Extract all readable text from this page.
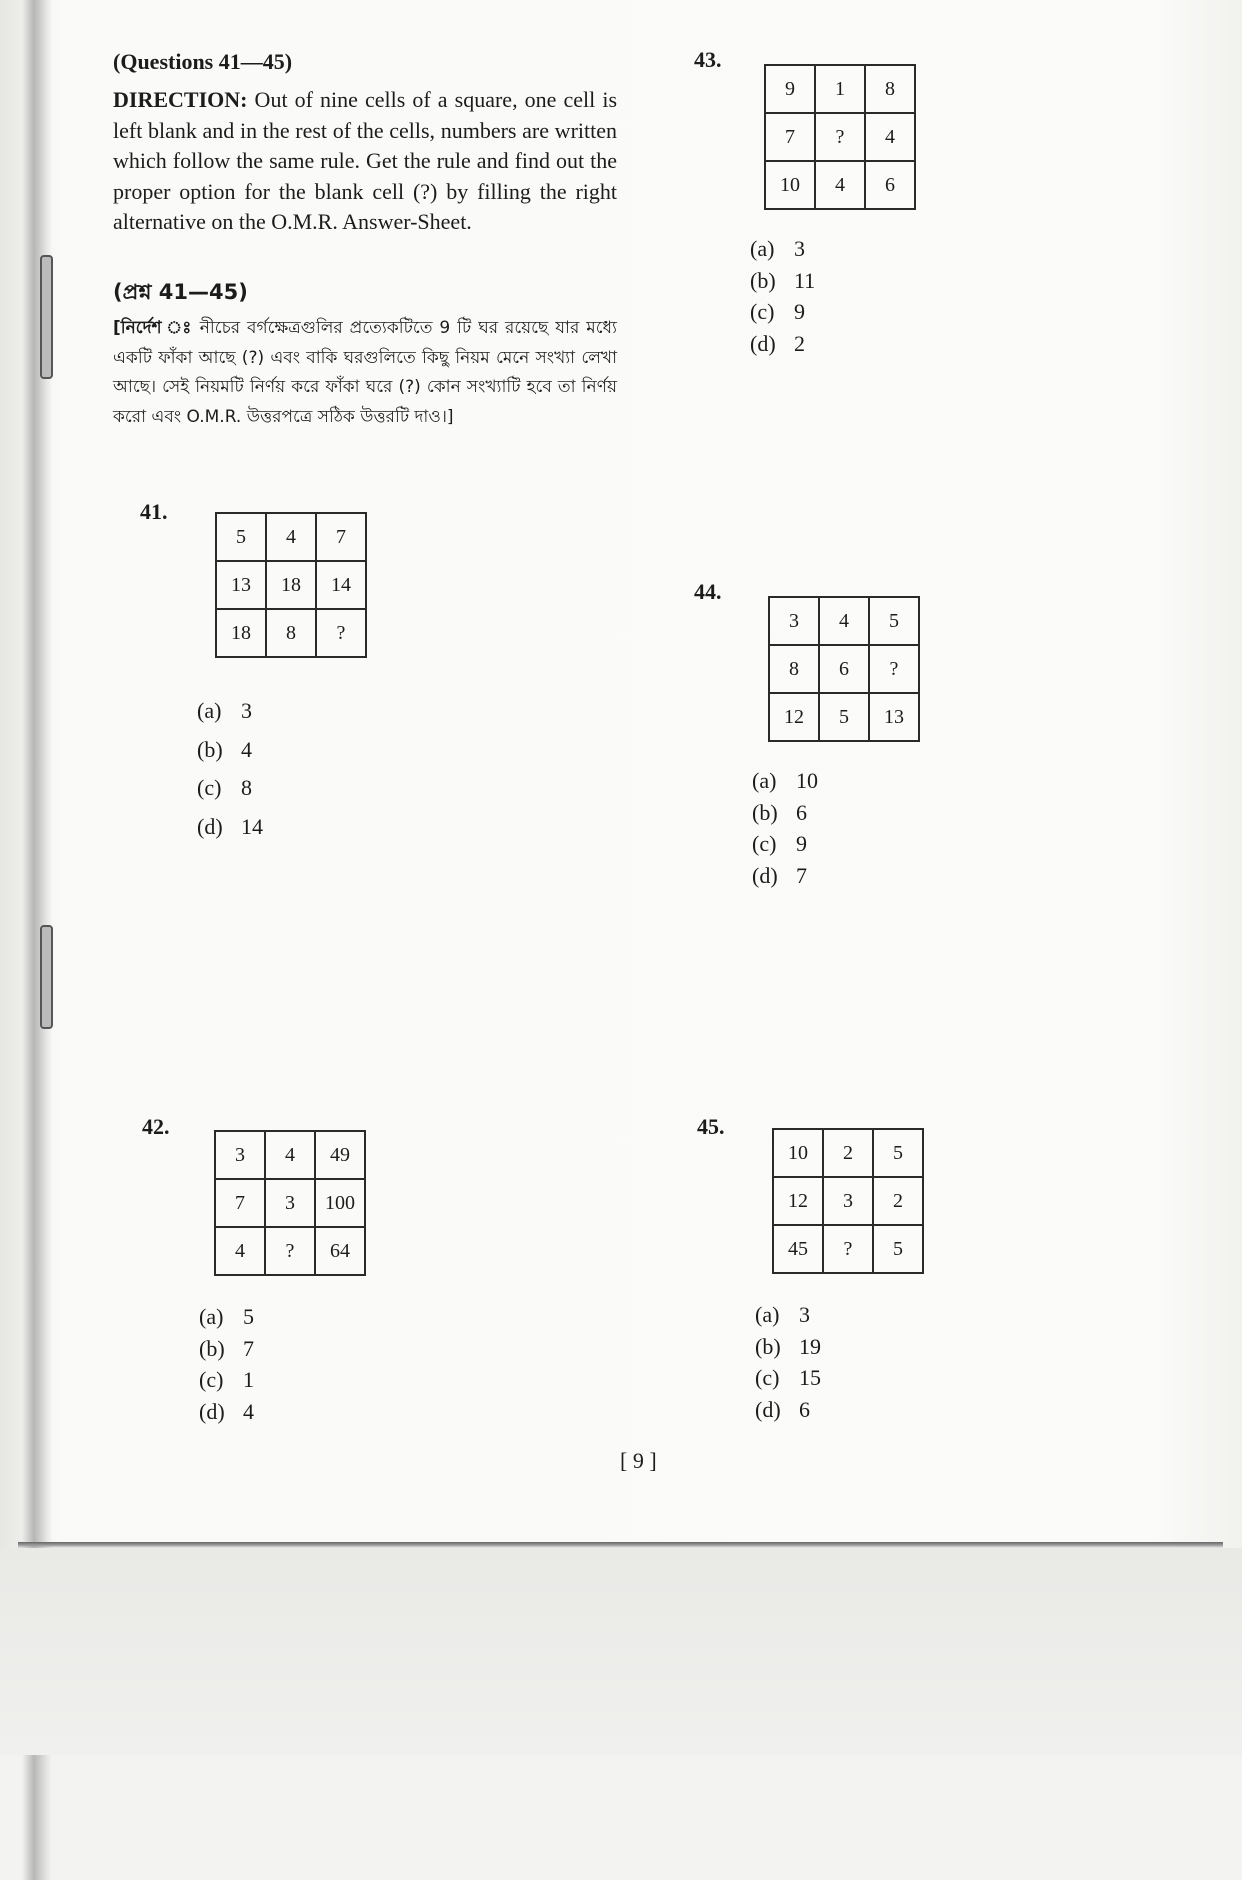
(Questions 41—45)
DIRECTION: Out of nine cells of a square, one cell is left blank and in the rest of the cells, numbers are written which follow the same rule. Get the rule and find out the proper option for the blank cell (?) by filling the right alternative on the O.M.R. Answer-Sheet.
(প্রশ্ন 41—45)
[নির্দেশ ঃ নীচের বর্গক্ষেত্রগুলির প্রত্যেকটিতে 9 টি ঘর রয়েছে যার মধ্যে একটি ফাঁকা আছে (?) এবং বাকি ঘরগুলিতে কিছু নিয়ম মেনে সংখ্যা লেখা আছে। সেই নিয়মটি নির্ণয় করে ফাঁকা ঘরে (?) কোন সংখ্যাটি হবে তা নির্ণয় করো এবং O.M.R. উত্তরপত্রে সঠিক উত্তরটি দাও।]
41.
5	4	7
13	18	14
18	8	?
(a) 3
(b) 4
(c) 8
(d) 14
42.
3	4	49
7	3	100
4	?	64
(a) 5
(b) 7
(c) 1
(d) 4
43.
9	1	8
7	?	4
10	4	6
(a) 3
(b) 11
(c) 9
(d) 2
44.
3	4	5
8	6	?
12	5	13
(a) 10
(b) 6
(c) 9
(d) 7
45.
10	2	5
12	3	2
45	?	5
(a) 3
(b) 19
(c) 15
(d) 6
[ 9 ]
